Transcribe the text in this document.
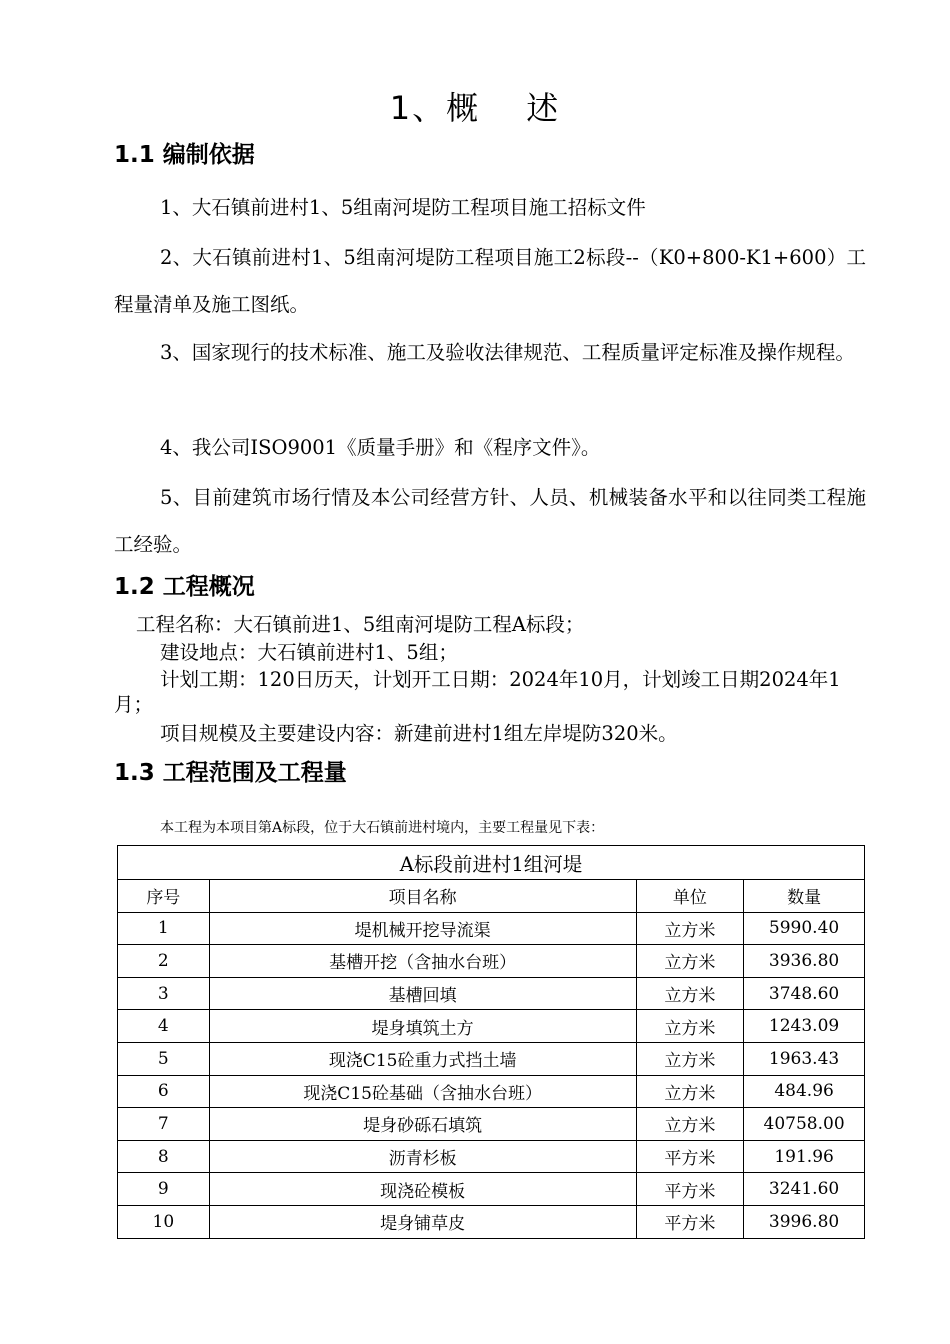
1、概　 述
1.1 编制依据

1、大石镇前进村1、5组南河堤防工程项目施工招标文件

2、大石镇前进村1、5组南河堤防工程项目施工2标段--（K0+800-K1+600）工程量清单及施工图纸。

3、国家现行的技术标准、施工及验收法律规范、工程质量评定标准及操作规程。

4、我公司ISO9001《质量手册》和《程序文件》。

5、目前建筑市场行情及本公司经营方针、人员、机械装备水平和以往同类工程施工经验。

1.2 工程概况

工程名称：大石镇前进1、5组南河堤防工程A标段；

建设地点：大石镇前进村1、5组；

计划工期：120日历天，计划开工日期：2024年10月，计划竣工日期2024年1月；

项目规模及主要建设内容：新建前进村1组左岸堤防320米。

1.3 工程范围及工程量

本工程为本项目第A标段，位于大石镇前进村境内，主要工程量见下表：

A标段前进村1组河堤			
序号	项目名称	单位	数量
1	堤机械开挖导流渠	立方米	5990.40
2	基槽开挖（含抽水台班）	立方米	3936.80
3	基槽回填	立方米	3748.60
4	堤身填筑土方	立方米	1243.09
5	现浇C15砼重力式挡土墙	立方米	1963.43
6	现浇C15砼基础（含抽水台班）	立方米	484.96
7	堤身砂砾石填筑	立方米	40758.00
8	沥青杉板	平方米	191.96
9	现浇砼模板	平方米	3241.60
10	堤身铺草皮	平方米	3996.80
